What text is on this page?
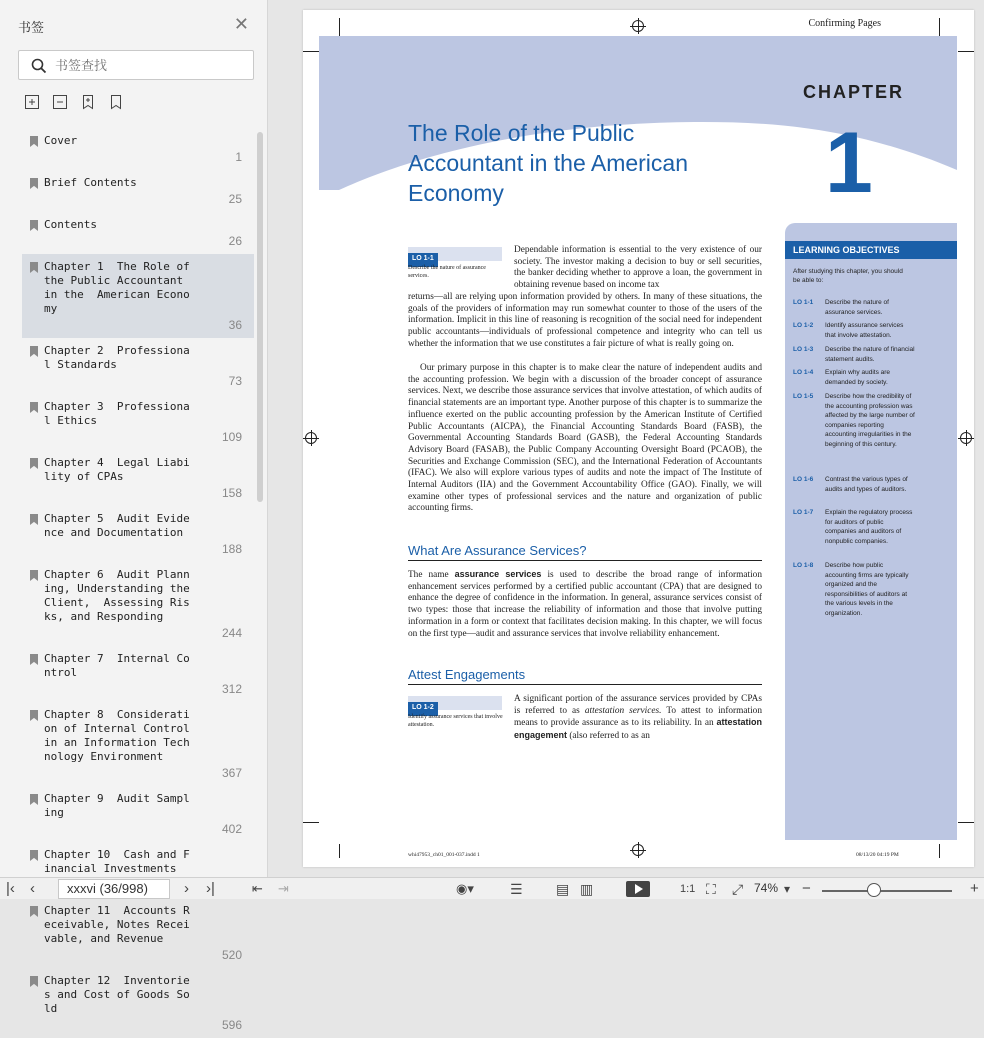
书签	✕
书签查找
Cover
1
Brief Contents
25
Contents
26
Chapter 1  The Role of the Public Accountant in the  American Economy
36
Chapter 2  Professional Standards
73
Chapter 3  Professional Ethics
109
Chapter 4  Legal Liability of CPAs
158
Chapter 5  Audit Evidence and Documentation
188
Chapter 6  Audit Planning, Understanding the Client,  Assessing Risks, and Responding
244
Chapter 7  Internal Control
312
Chapter 8  Consideration of Internal Control in an Information Technology Environment
367
Chapter 9  Audit Sampling
402
Chapter 10  Cash and Financial Investments
Chapter 11  Accounts Receivable, Notes Receivable, and Revenue
520
Chapter 12  Inventories and Cost of Goods Sold
596
Confirming Pages
CHAPTER
1
The Role of the Public Accountant in the American Economy
LEARNING OBJECTIVES
After studying this chapter, you should be able to:
LO 1-1 Describe the nature of assurance services.
LO 1-2 Identify assurance services that involve attestation.
LO 1-3 Describe the nature of financial statement audits.
LO 1-4 Explain why audits are demanded by society.
LO 1-5 Describe how the credibility of the accounting profession was affected by the large number of companies reporting accounting irregularities in the beginning of this century.
LO 1-6 Contrast the various types of audits and types of auditors.
LO 1-7 Explain the regulatory process for auditors of public companies and auditors of nonpublic companies.
LO 1-8 Describe how public accounting firms are typically organized and the responsibilities of auditors at the various levels in the organization.
LO 1-1
Describe the nature of assurance services.
Dependable information is essential to the very existence of our society. The investor making a decision to buy or sell securities, the banker deciding whether to approve a loan, the government in obtaining revenue based on income tax
returns—all are relying upon information provided by others. In many of these situations, the goals of the providers of information may run somewhat counter to those of the users of the information. Implicit in this line of reasoning is recognition of the social need for independent public accountants—individuals of professional competence and integrity who can tell us whether the information that we use constitutes a fair picture of what is really going on.
Our primary purpose in this chapter is to make clear the nature of independent audits and the accounting profession. We begin with a discussion of the broader concept of assurance services. Next, we describe those assurance services that involve attestation, of which audits of financial statements are an important type. Another purpose of this chapter is to summarize the influence exerted on the public accounting profession by the American Institute of Certified Public Accountants (AICPA), the Financial Accounting Standards Board (FASB), the Governmental Accounting Standards Board (GASB), the Federal Accounting Standards Advisory Board (FASAB), the Public Company Accounting Oversight Board (PCAOB), the Securities and Exchange Commission (SEC), and the International Federation of Accountants (IFAC). We also will explore various types of audits and note the impact of The Institute of Internal Auditors (IIA) and the Government Accountability Office (GAO). Finally, we will examine other types of professional services and the nature and organization of public accounting firms.
What Are Assurance Services?
The name assurance services is used to describe the broad range of information enhancement services performed by a certified public accountant (CPA) that are designed to enhance the degree of confidence in the information. In general, assurance services consist of two types: those that increase the reliability of information and those that involve putting information in a form or context that facilitates decision making. In this chapter, we will focus on the first type—audit and assurance services that involve reliability enhancement.
Attest Engagements
LO 1-2
Identify assurance services that involve attestation.
A significant portion of the assurance services provided by CPAs is referred to as attestation services. To attest to information means to provide assurance as to its reliability. In an attestation engagement (also referred to as an
whi47953_ch01_001-037.indd 1	08/13/20 04:19 PM
|‹ ‹	xxxvi (36/998)	› ›|	⇤ ⇥	◉▾	☰ ▤ ▥	1:1 ⛶ ⤢ 74% ▾ −	+
